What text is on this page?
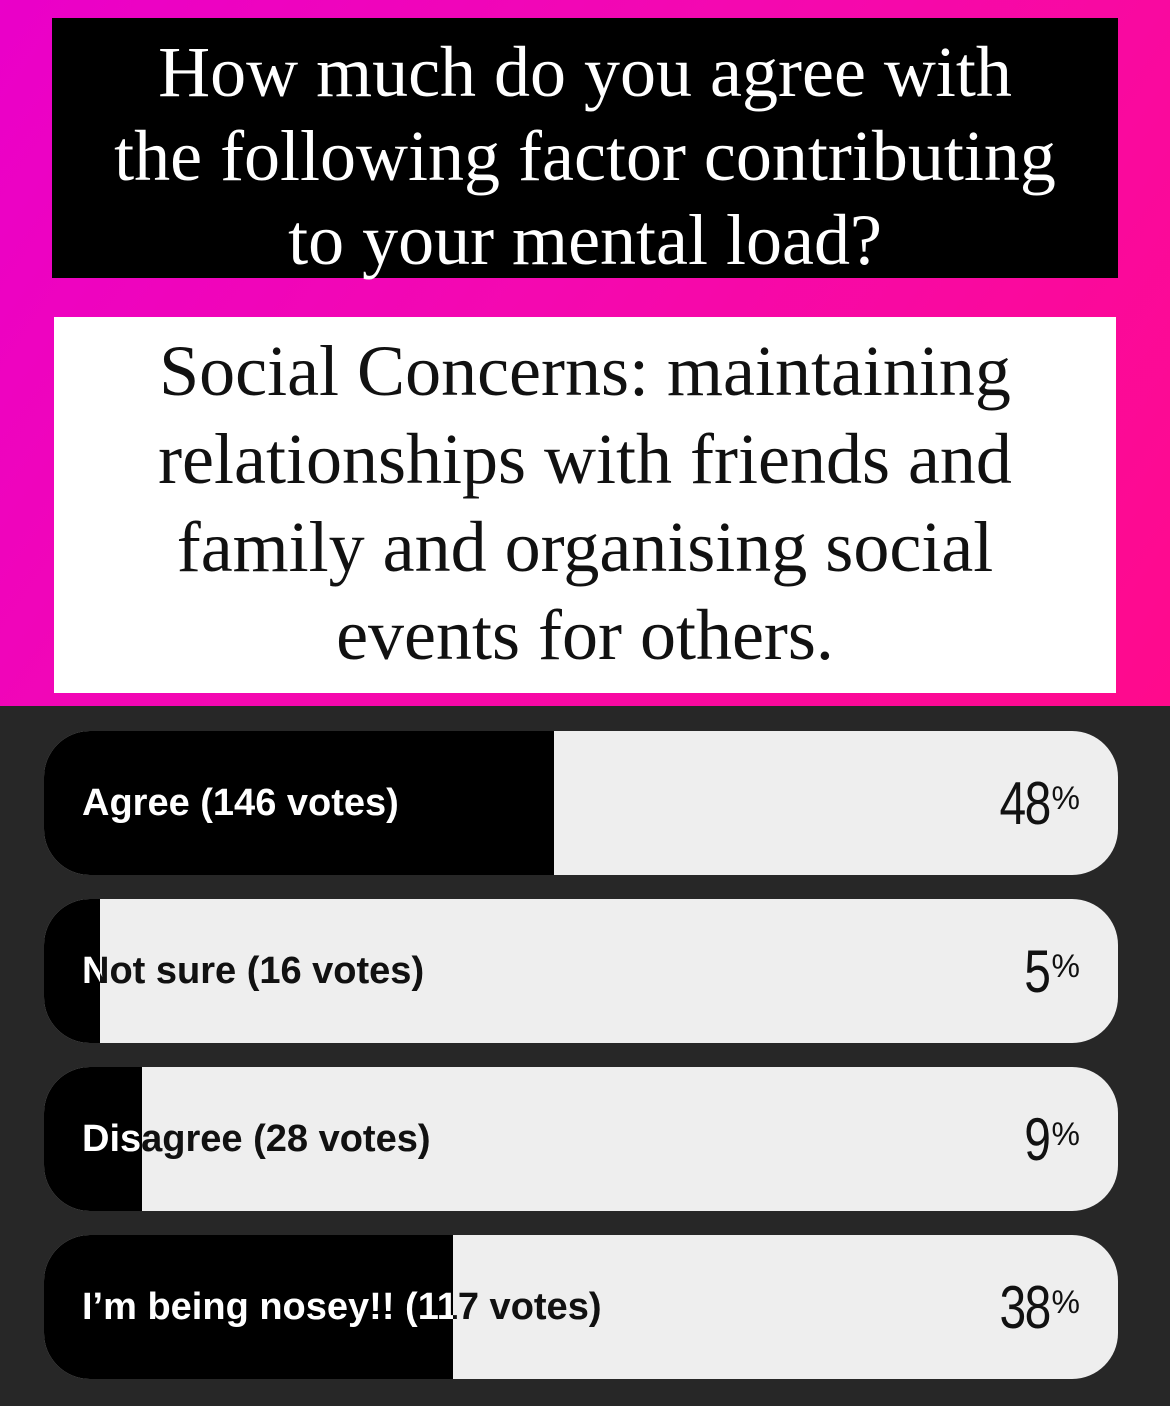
How much do you agree with
the following factor contributing
to your mental load?
Social Concerns: maintaining
relationships with friends and
family and organising social
events for others.
Agree (146 votes)	48 %
Not sure (16 votes)	5 %
Disagree (28 votes)	9 %
I’m being nosey!! (117 votes)	38 %
